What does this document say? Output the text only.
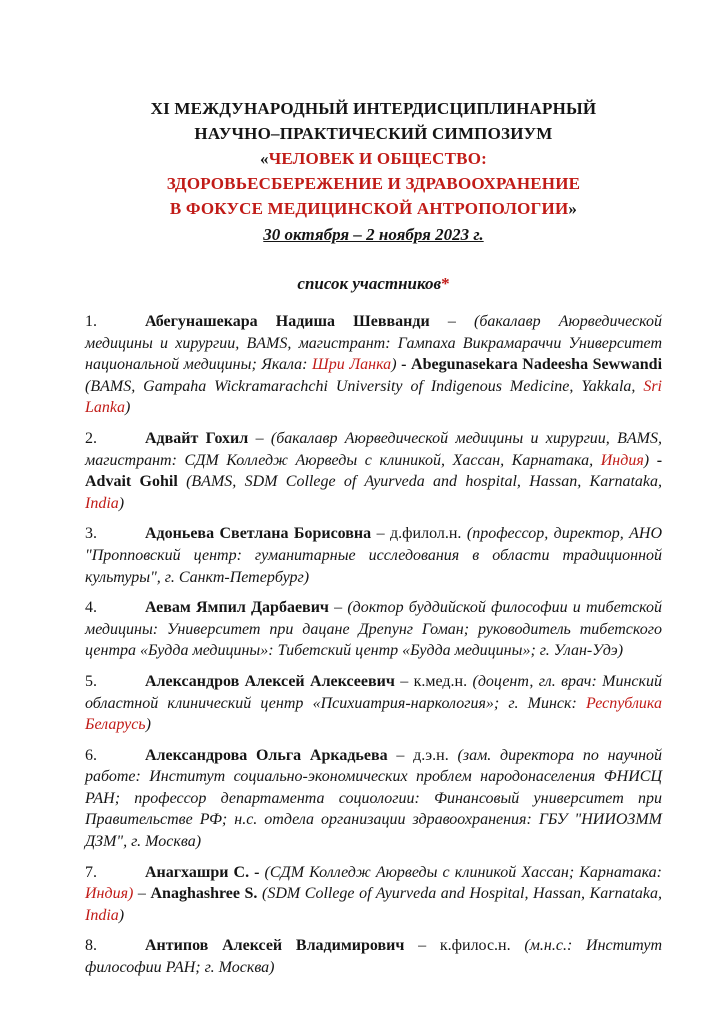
XI МЕЖДУНАРОДНЫЙ ИНТЕРДИСЦИПЛИНАРНЫЙ
НАУЧНО–ПРАКТИЧЕСКИЙ СИМПОЗИУМ
«ЧЕЛОВЕК И ОБЩЕСТВО:
ЗДОРОВЬЕСБЕРЕЖЕНИЕ И ЗДРАВООХРАНЕНИЕ
В ФОКУСЕ МЕДИЦИНСКОЙ АНТРОПОЛОГИИ»
30 октября – 2 ноября 2023 г.
список участников*

1.	Абегунашекара Надиша Шевванди – (бакалавр Аюрведической медицины и хирургии, BAMS, магистрант: Гампаха Викрамараччи Университет национальной медицины; Якала: Шри Ланка) - Abegunasekara Nadeesha Sewwandi (BAMS, Gampaha Wickramarachchi University of Indigenous Medicine, Yakkala, Sri Lanka)

2.	Адвайт Гохил – (бакалавр Аюрведической медицины и хирургии, BAMS, магистрант: СДМ Колледж Аюрведы с клиникой, Хассан, Карнатака, Индия) - Advait Gohil (BAMS, SDM College of Ayurveda and hospital, Hassan, Karnataka, India)

3.	Адоньева Светлана Борисовна – д.филол.н. (профессор, директор, АНО "Пропповский центр: гуманитарные исследования в области традиционной культуры", г. Санкт-Петербург)

4.	Аевам Ямпил Дарбаевич – (доктор буддийской философии и тибетской медицины: Университет при дацане Дрепунг Гоман; руководитель тибетского центра «Будда медицины»: Тибетский центр «Будда медицины»; г. Улан-Удэ)

5.	Александров Алексей Алексеевич – к.мед.н. (доцент, гл. врач: Минский областной клинический центр «Психиатрия-наркология»; г. Минск: Республика Беларусь)

6.	Александрова Ольга Аркадьева – д.э.н. (зам. директора по научной работе: Институт социально-экономических проблем народонаселения ФНИСЦ РАН; профессор департамента социологии: Финансовый университет при Правительстве РФ; н.с. отдела организации здравоохранения: ГБУ "НИИОЗММ ДЗМ", г. Москва)

7.	Анагхашри С. - (СДМ Колледж Аюрведы с клиникой Хассан; Карнатака: Индия) – Anaghashree S. (SDM College of Ayurveda and Hospital, Hassan, Karnataka, India)

8.	Антипов Алексей Владимирович – к.филос.н. (м.н.с.: Институт философии РАН; г. Москва)
